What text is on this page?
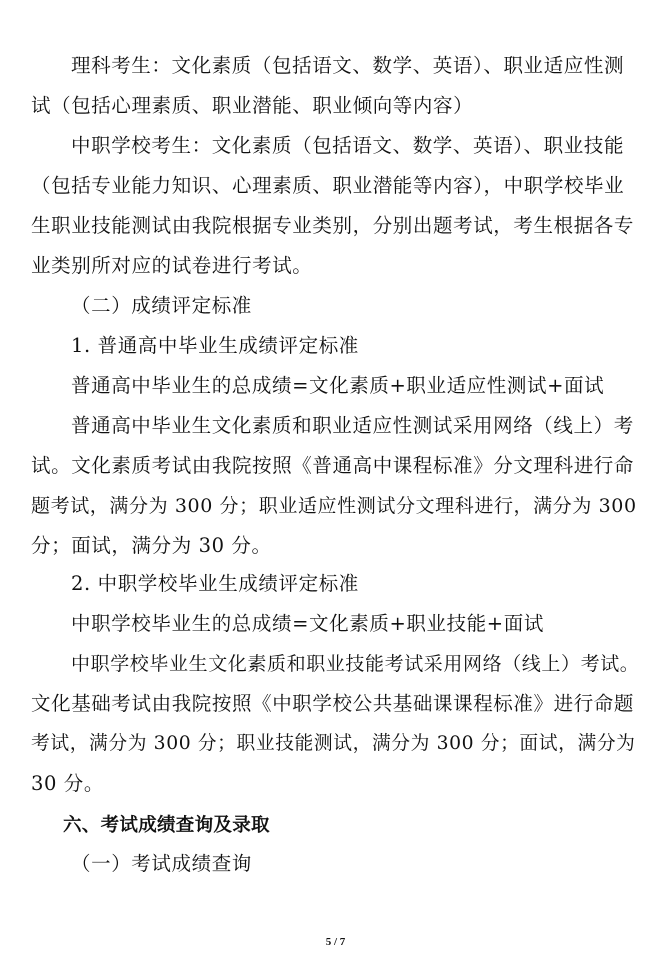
理科考生：文化素质（包括语文、数学、英语）、职业适应性测
试（包括心理素质、职业潜能、职业倾向等内容）
中职学校考生：文化素质（包括语文、数学、英语）、职业技能
（包括专业能力知识、心理素质、职业潜能等内容），中职学校毕业
生职业技能测试由我院根据专业类别，分别出题考试，考生根据各专
业类别所对应的试卷进行考试。
（二）成绩评定标准
1. 普通高中毕业生成绩评定标准
普通高中毕业生的总成绩=文化素质+职业适应性测试+面试
普通高中毕业生文化素质和职业适应性测试采用网络（线上）考
试。文化素质考试由我院按照《普通高中课程标准》分文理科进行命
题考试，满分为 300 分；职业适应性测试分文理科进行，满分为 300
分；面试，满分为 30 分。
2. 中职学校毕业生成绩评定标准
中职学校毕业生的总成绩=文化素质+职业技能+面试
中职学校毕业生文化素质和职业技能考试采用网络（线上）考试。
文化基础考试由我院按照《中职学校公共基础课课程标准》进行命题
考试，满分为 300 分；职业技能测试，满分为 300 分；面试，满分为
30 分。
六、考试成绩查询及录取
（一）考试成绩查询
5 / 7
